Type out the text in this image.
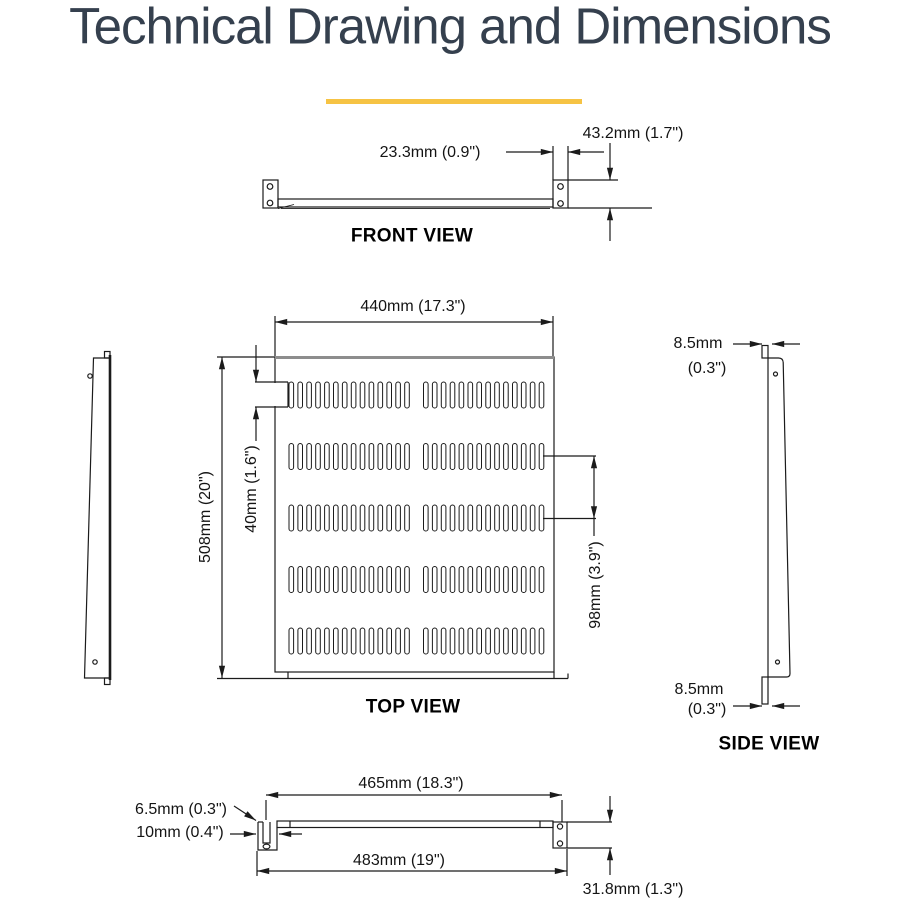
Technical Drawing and Dimensions
23.3mm (0.9")
43.2mm (1.7")
FRONT VIEW
440mm (17.3")
508mm (20") 40mm (1.6")
98mm (3.9")
TOP VIEW
8.5mm
(0.3")
8.5mm
(0.3")
SIDE VIEW
465mm (18.3")
6.5mm (0.3")
10mm (0.4")
483mm (19")
31.8mm (1.3")
